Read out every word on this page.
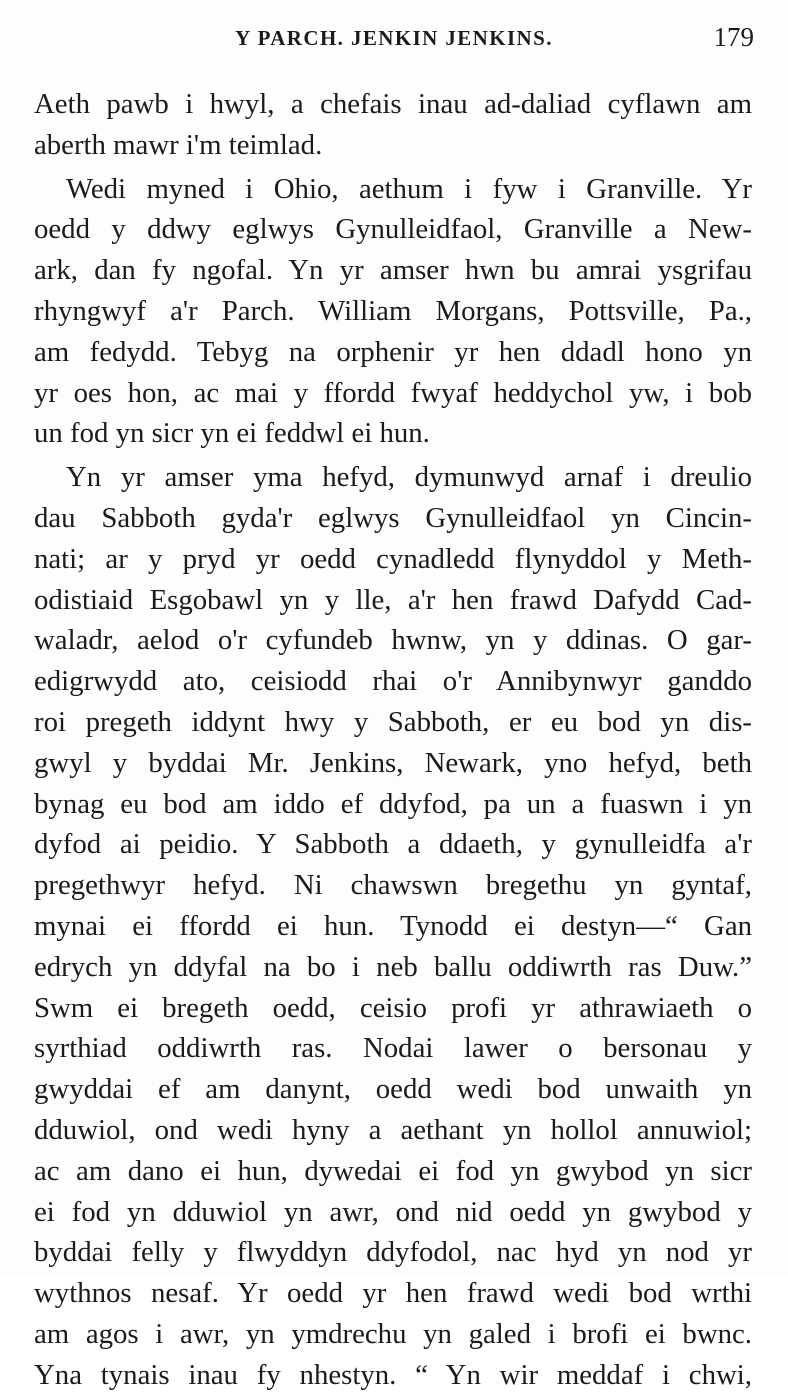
Y PARCH. JENKIN JENKINS.	179
Aeth pawb i hwyl, a chefais inau ad-daliad cyflawn am
aberth mawr i'm teimlad.
Wedi myned i Ohio, aethum i fyw i Granville. Yr
oedd y ddwy eglwys Gynulleidfaol, Granville a New-
ark, dan fy ngofal. Yn yr amser hwn bu amrai ysgrifau
rhyngwyf a'r Parch. William Morgans, Pottsville, Pa.,
am fedydd. Tebyg na orphenir yr hen ddadl hono yn
yr oes hon, ac mai y ffordd fwyaf heddychol yw, i bob
un fod yn sicr yn ei feddwl ei hun.
Yn yr amser yma hefyd, dymunwyd arnaf i dreulio
dau Sabboth gyda'r eglwys Gynulleidfaol yn Cincin-
nati; ar y pryd yr oedd cynadledd flynyddol y Meth-
odistiaid Esgobawl yn y lle, a'r hen frawd Dafydd Cad-
waladr, aelod o'r cyfundeb hwnw, yn y ddinas. O gar-
edigrwydd ato, ceisiodd rhai o'r Annibynwyr ganddo
roi pregeth iddynt hwy y Sabboth, er eu bod yn dis-
gwyl y byddai Mr. Jenkins, Newark, yno hefyd, beth
bynag eu bod am iddo ef ddyfod, pa un a fuaswn i yn
dyfod ai peidio. Y Sabboth a ddaeth, y gynulleidfa a'r
pregethwyr hefyd. Ni chawswn bregethu yn gyntaf,
mynai ei ffordd ei hun. Tynodd ei destyn—“ Gan
edrych yn ddyfal na bo i neb ballu oddiwrth ras Duw.”
Swm ei bregeth oedd, ceisio profi yr athrawiaeth o
syrthiad oddiwrth ras. Nodai lawer o bersonau y
gwyddai ef am danynt, oedd wedi bod unwaith yn
dduwiol, ond wedi hyny a aethant yn hollol annuwiol;
ac am dano ei hun, dywedai ei fod yn gwybod yn sicr
ei fod yn dduwiol yn awr, ond nid oedd yn gwybod y
byddai felly y flwyddyn ddyfodol, nac hyd yn nod yr
wythnos nesaf. Yr oedd yr hen frawd wedi bod wrthi
am agos i awr, yn ymdrechu yn galed i brofi ei bwnc.
Yna tynais inau fy nhestyn. “ Yn wir meddaf i chwi,
